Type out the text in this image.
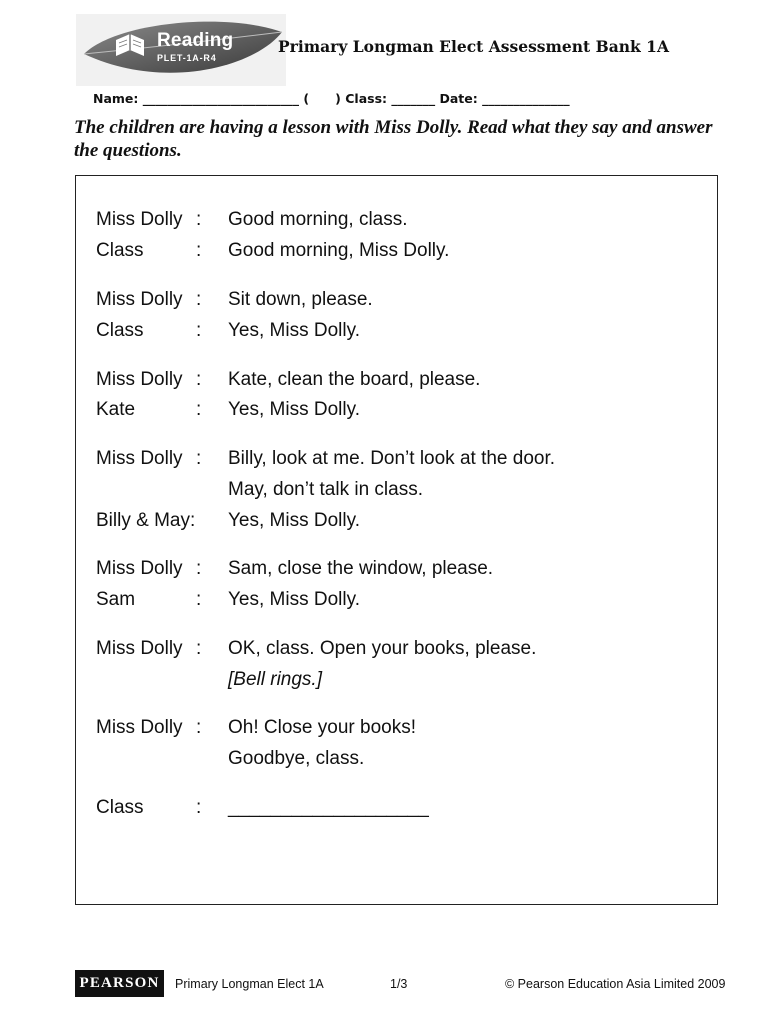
Reading
PLET-1A-R4
Primary Longman Elect Assessment Bank 1A
Name: _________________________ (      ) Class: _______ Date: ______________
The children are having a lesson with Miss Dolly. Read what they say and answer the questions.
Miss Dolly : Good morning, class.
Class	: Good morning, Miss Dolly.
Miss Dolly : Sit down, please.
Class	: Yes, Miss Dolly.
Miss Dolly : Kate, clean the board, please.
Kate	: Yes, Miss Dolly.
Miss Dolly : Billy, look at me. Don’t look at the door.
May, don’t talk in class.
Billy & May: Yes, Miss Dolly.
Miss Dolly : Sam, close the window, please.
Sam	: Yes, Miss Dolly.
Miss Dolly : OK, class. Open your books, please.
[Bell rings.]
Miss Dolly : Oh! Close your books!
Goodbye, class.
Class	: ___________________
PEARSON	Primary Longman Elect 1A	1/3	© Pearson Education Asia Limited 2009
